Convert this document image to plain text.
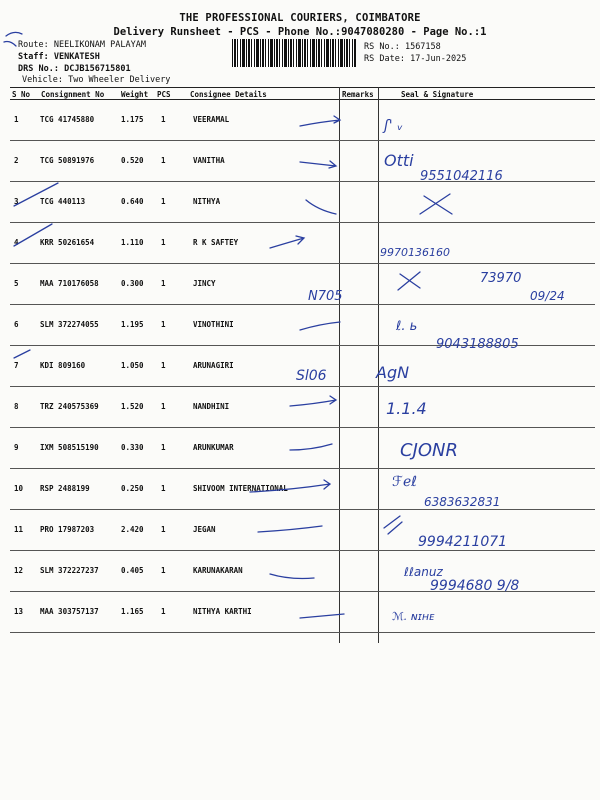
THE PROFESSIONAL COURIERS, COIMBATORE
Delivery Runsheet - PCS - Phone No.:9047080280 - Page No.:1
Route: NEELIKONAM PALAYAM
Staff: VENKATESH
DRS No.: DCJB156715801
Vehicle: Two Wheeler Delivery
RS No.: 1567158
RS Date: 17-Jun-2025
S No Consignment No Weight PCS	Consignee Details	Remarks	Seal & Signature
1	TCG 41745880	1.175 1	VEERAMAL
2	TCG 50891976	0.520 1	VANITHA
3	TCG 440113	0.640 1	NITHYA
4	KRR 50261654	1.110 1	R K SAFTEY
5	MAA 710176058	0.300 1	JINCY
6	SLM 372274055	1.195 1	VINOTHINI
7	KDI 809160	1.050 1	ARUNAGIRI
8	TRZ 240575369	1.520 1	NANDHINI
9	IXM 508515190	0.330 1	ARUNKUMAR
10 RSP 2488199	0.250 1	SHIVOOM INTERNATIONAL
11 PRO 17987203	2.420 1	JEGAN
12 SLM 372227237	0.405 1	KARUNAKARAN
13 MAA 303757137	1.165 1	NITHYA KARTHI
ʃ' ᵥ
Otti
9551042116
9970136160
N705
73970
09/24
ℓ. ь
9043188805
Sl06	AgN
1.1.4
CJONR
ℱℯℓ
6383632831
9994211071
ℓℓanuz
9994680 9/8
ℳ. ɴɪʜᴇ
